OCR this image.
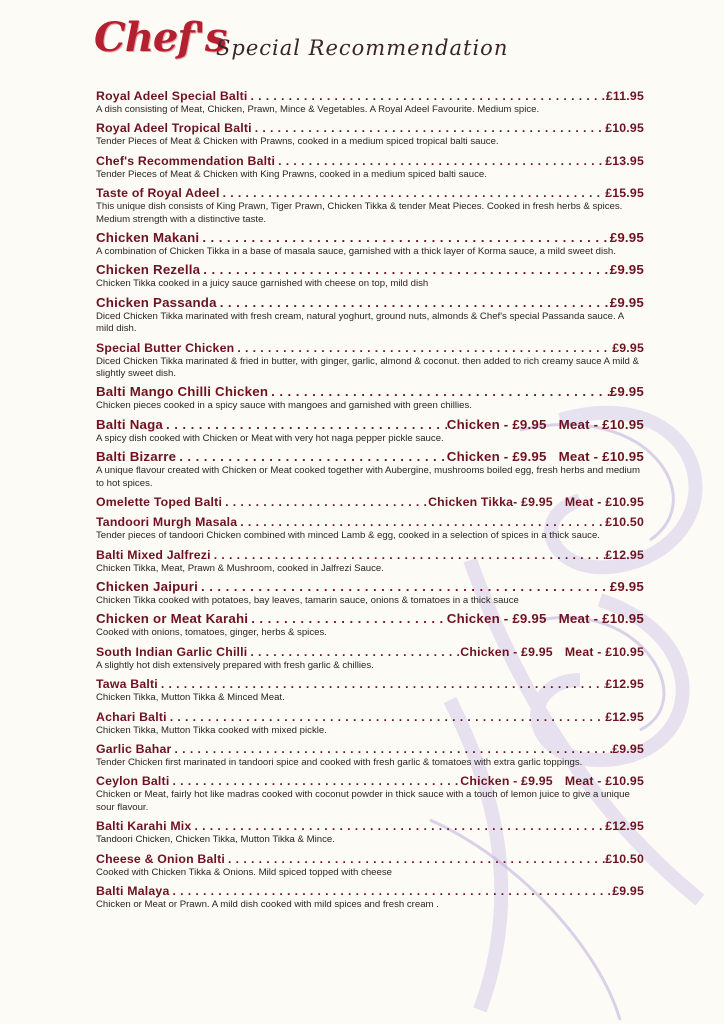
Chef's
Special Recommendation
Royal Adeel Special Balti . . .	£11.95
A dish consisting of Meat, Chicken, Prawn, Mince & Vegetables. A Royal Adeel Favourite. Medium spice.
Royal Adeel Tropical Balti . . .	£10.95
Tender Pieces of Meat & Chicken with Prawns, cooked in a medium spiced tropical balti sauce.
Chef's Recommendation Balti . . .	£13.95
Tender Pieces of Meat & Chicken with King Prawns, cooked in a medium spiced balti sauce.
Taste of Royal Adeel . . .	£15.95
This unique dish consists of King Prawn, Tiger Prawn, Chicken Tikka & tender Meat Pieces. Cooked in fresh herbs & spices. Medium strength with a distinctive taste.
Chicken Makani . . .	£9.95
A combination of Chicken Tikka in a base of masala sauce, garnished with a thick layer of Korma sauce, a mild sweet dish.
Chicken Rezella . . .	£9.95
Chicken Tikka cooked in a juicy sauce garnished with cheese on top, mild dish
Chicken Passanda . . .	£9.95
Diced Chicken Tikka marinated with fresh cream, natural yoghurt, ground nuts, almonds & Chef's special Passanda sauce. A mild dish.
Special Butter Chicken . . .	£9.95
Diced Chicken Tikka marinated & fried in butter, with ginger, garlic, almond & coconut. then added to rich creamy sauce A mild & slightly sweet dish.
Balti Mango Chilli Chicken . . .	£9.95
Chicken pieces cooked in a spicy sauce with mangoes and garnished with green chillies.
Balti Naga . . .	Chicken - £9.95 Meat - £10.95
A spicy dish cooked with Chicken or Meat with very hot naga pepper pickle sauce.
Balti Bizarre . . .	Chicken - £9.95 Meat - £10.95
A unique flavour created with Chicken or Meat cooked together with Aubergine, mushrooms boiled egg, fresh herbs and medium to hot spices.
Omelette Toped Balti . . .	Chicken Tikka- £9.95 Meat - £10.95
Tandoori Murgh Masala . . .	£10.50
Tender pieces of tandoori Chicken combined with minced Lamb & egg, cooked in a selection of spices in a thick sauce.
Balti Mixed Jalfrezi . . .	£12.95
Chicken Tikka, Meat, Prawn & Mushroom, cooked in Jalfrezi Sauce.
Chicken Jaipuri . . .	£9.95
Chicken Tikka cooked with potatoes, bay leaves, tamarin sauce, onions & tomatoes in a thick sauce
Chicken or Meat Karahi . . .	Chicken - £9.95 Meat - £10.95
Cooked with onions, tomatoes, ginger, herbs & spices.
South Indian Garlic Chilli . . .	Chicken - £9.95 Meat - £10.95
A slightly hot dish extensively prepared with fresh garlic & chillies.
Tawa Balti . . .	£12.95
Chicken Tikka, Mutton Tikka & Minced Meat.
Achari Balti . . .	£12.95
Chicken Tikka, Mutton Tikka cooked with mixed pickle.
Garlic Bahar . . .	£9.95
Tender Chicken first marinated in tandoori spice and cooked with fresh garlic & tomatoes with extra garlic toppings.
Ceylon Balti . . .	Chicken - £9.95 Meat - £10.95
Chicken or Meat, fairly hot like madras cooked with coconut powder in thick sauce with a touch of lemon juice to give a unique sour flavour.
Balti Karahi Mix . . .	£12.95
Tandoori Chicken, Chicken Tikka, Mutton Tikka & Mince.
Cheese & Onion Balti . . .	£10.50
Cooked with Chicken Tikka & Onions. Mild spiced topped with cheese
Balti Malaya . . .	£9.95
Chicken or Meat or Prawn. A mild dish cooked with mild spices and fresh cream .
